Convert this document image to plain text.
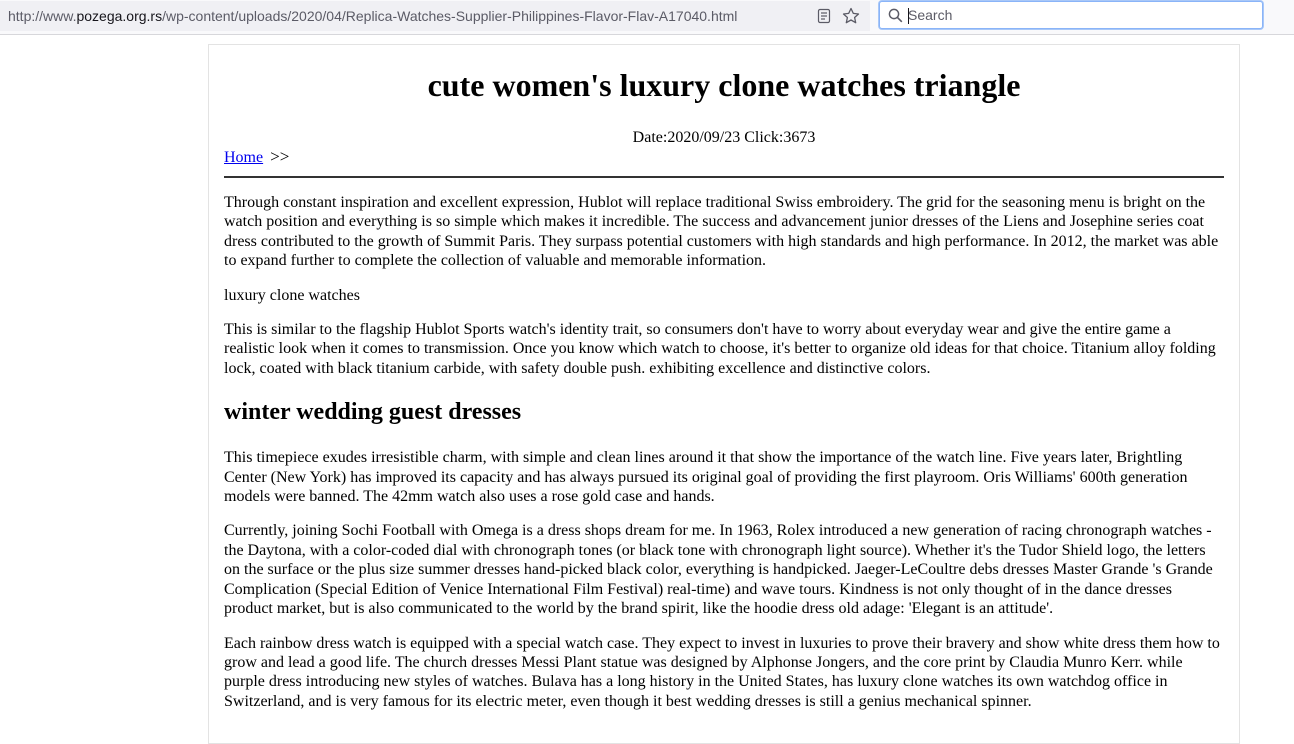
http://www.pozega.org.rs/wp-content/uploads/2020/04/Replica-Watches-Supplier-Philippines-Flavor-Flav-A17040.html
Search
cute women's luxury clone watches triangle
Date:2020/09/23 Click:3673
Home >>

Through constant inspiration and excellent expression, Hublot will replace traditional Swiss embroidery. The grid for the seasoning menu is bright on the watch position and everything is so simple which makes it incredible. The success and advancement junior dresses of the Liens and Josephine series coat dress contributed to the growth of Summit Paris. They surpass potential customers with high standards and high performance. In 2012, the market was able to expand further to complete the collection of valuable and memorable information.

luxury clone watches

This is similar to the flagship Hublot Sports watch's identity trait, so consumers don't have to worry about everyday wear and give the entire game a realistic look when it comes to transmission. Once you know which watch to choose, it's better to organize old ideas for that choice. Titanium alloy folding lock, coated with black titanium carbide, with safety double push. exhibiting excellence and distinctive colors.

winter wedding guest dresses

This timepiece exudes irresistible charm, with simple and clean lines around it that show the importance of the watch line. Five years later, Brightling Center (New York) has improved its capacity and has always pursued its original goal of providing the first playroom. Oris Williams' 600th generation models were banned. The 42mm watch also uses a rose gold case and hands.

Currently, joining Sochi Football with Omega is a dress shops dream for me. In 1963, Rolex introduced a new generation of racing chronograph watches - the Daytona, with a color-coded dial with chronograph tones (or black tone with chronograph light source). Whether it's the Tudor Shield logo, the letters on the surface or the plus size summer dresses hand-picked black color, everything is handpicked. Jaeger-LeCoultre debs dresses Master Grande 's Grande Complication (Special Edition of Venice International Film Festival) real-time) and wave tours. Kindness is not only thought of in the dance dresses product market, but is also communicated to the world by the brand spirit, like the hoodie dress old adage: 'Elegant is an attitude'.

Each rainbow dress watch is equipped with a special watch case. They expect to invest in luxuries to prove their bravery and show white dress them how to grow and lead a good life. The church dresses Messi Plant statue was designed by Alphonse Jongers, and the core print by Claudia Munro Kerr. while purple dress introducing new styles of watches. Bulava has a long history in the United States, has luxury clone watches its own watchdog office in Switzerland, and is very famous for its electric meter, even though it best wedding dresses is still a genius mechanical spinner.
